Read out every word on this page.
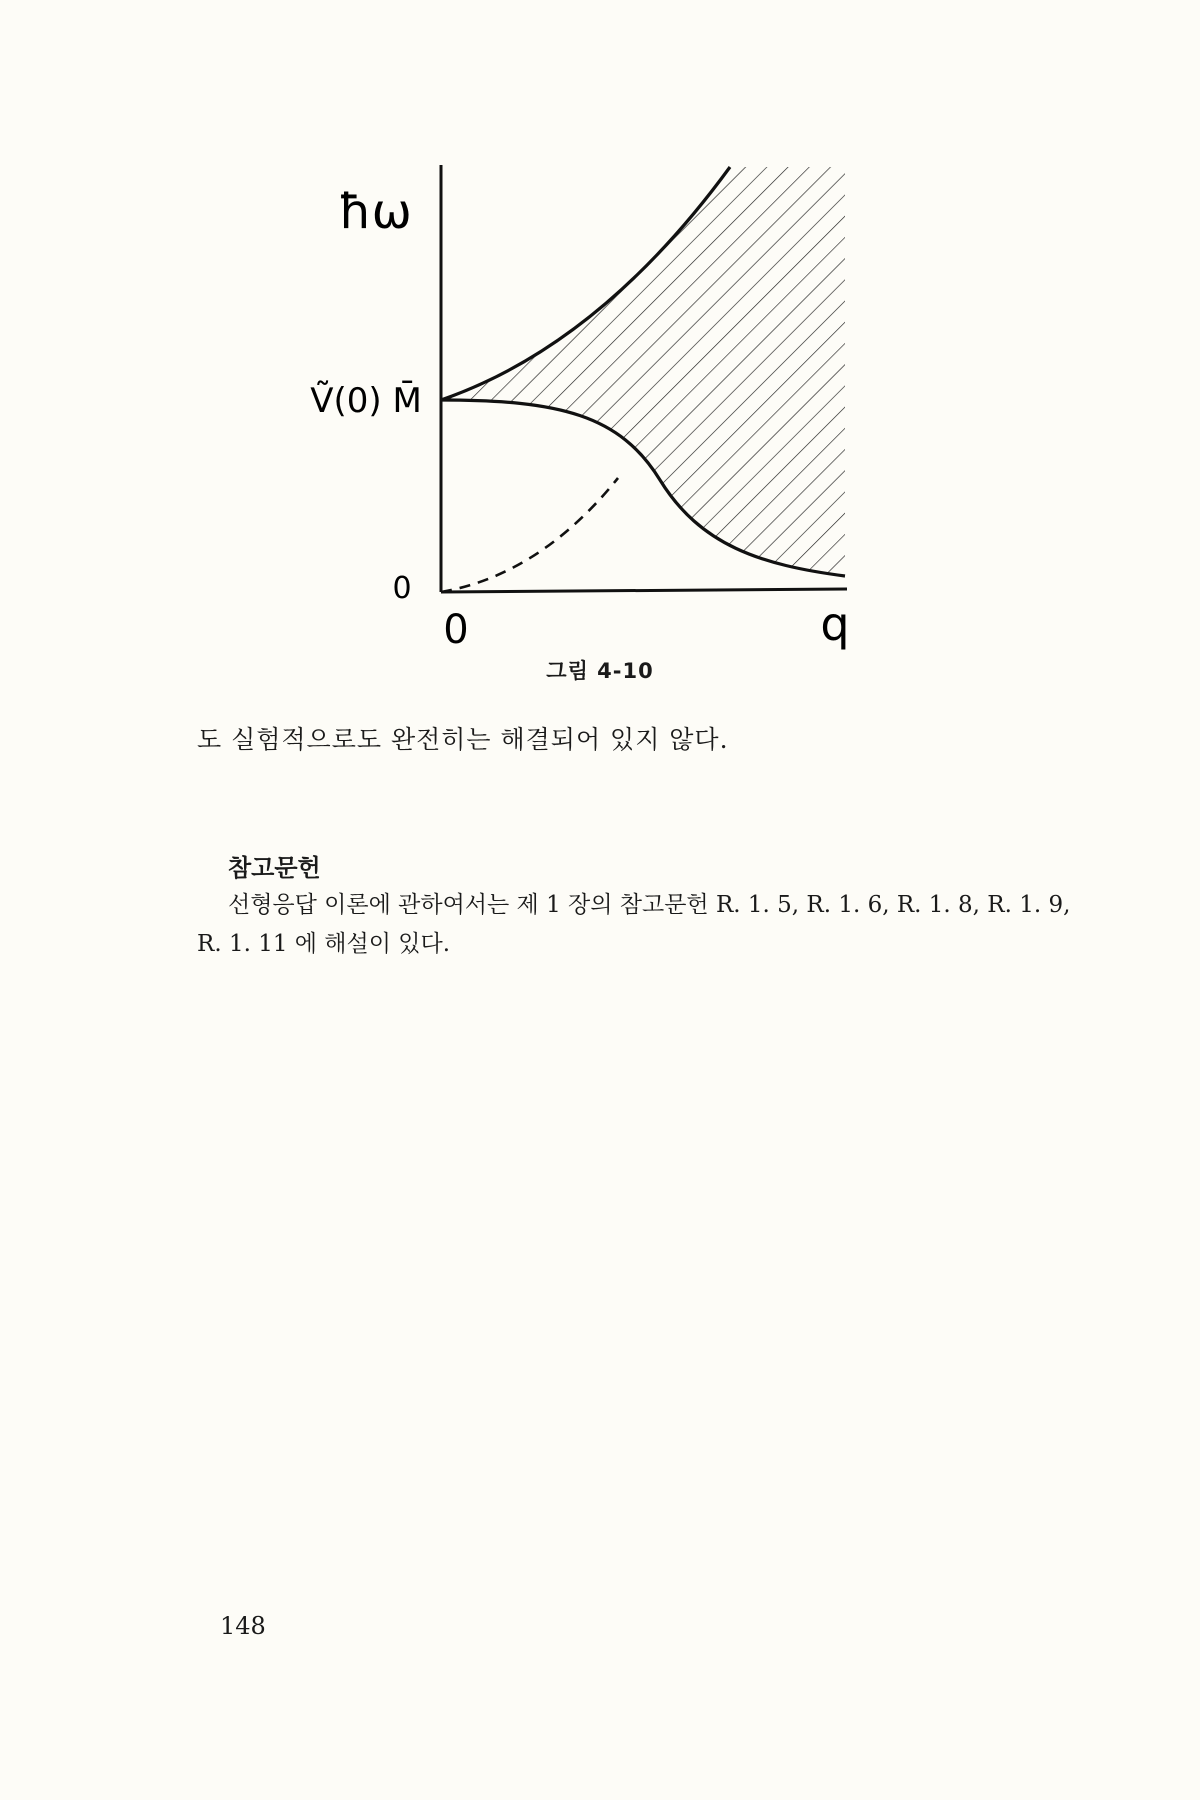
ħω
Ṽ(0) M̄
0
0	q
그림 4-10
도 실험적으로도 완전히는 해결되어 있지 않다.
참고문헌
선형응답 이론에 관하여서는 제 1 장의 참고문헌 R. 1. 5, R. 1. 6, R. 1. 8, R. 1. 9,
R. 1. 11 에 해설이 있다.
148
